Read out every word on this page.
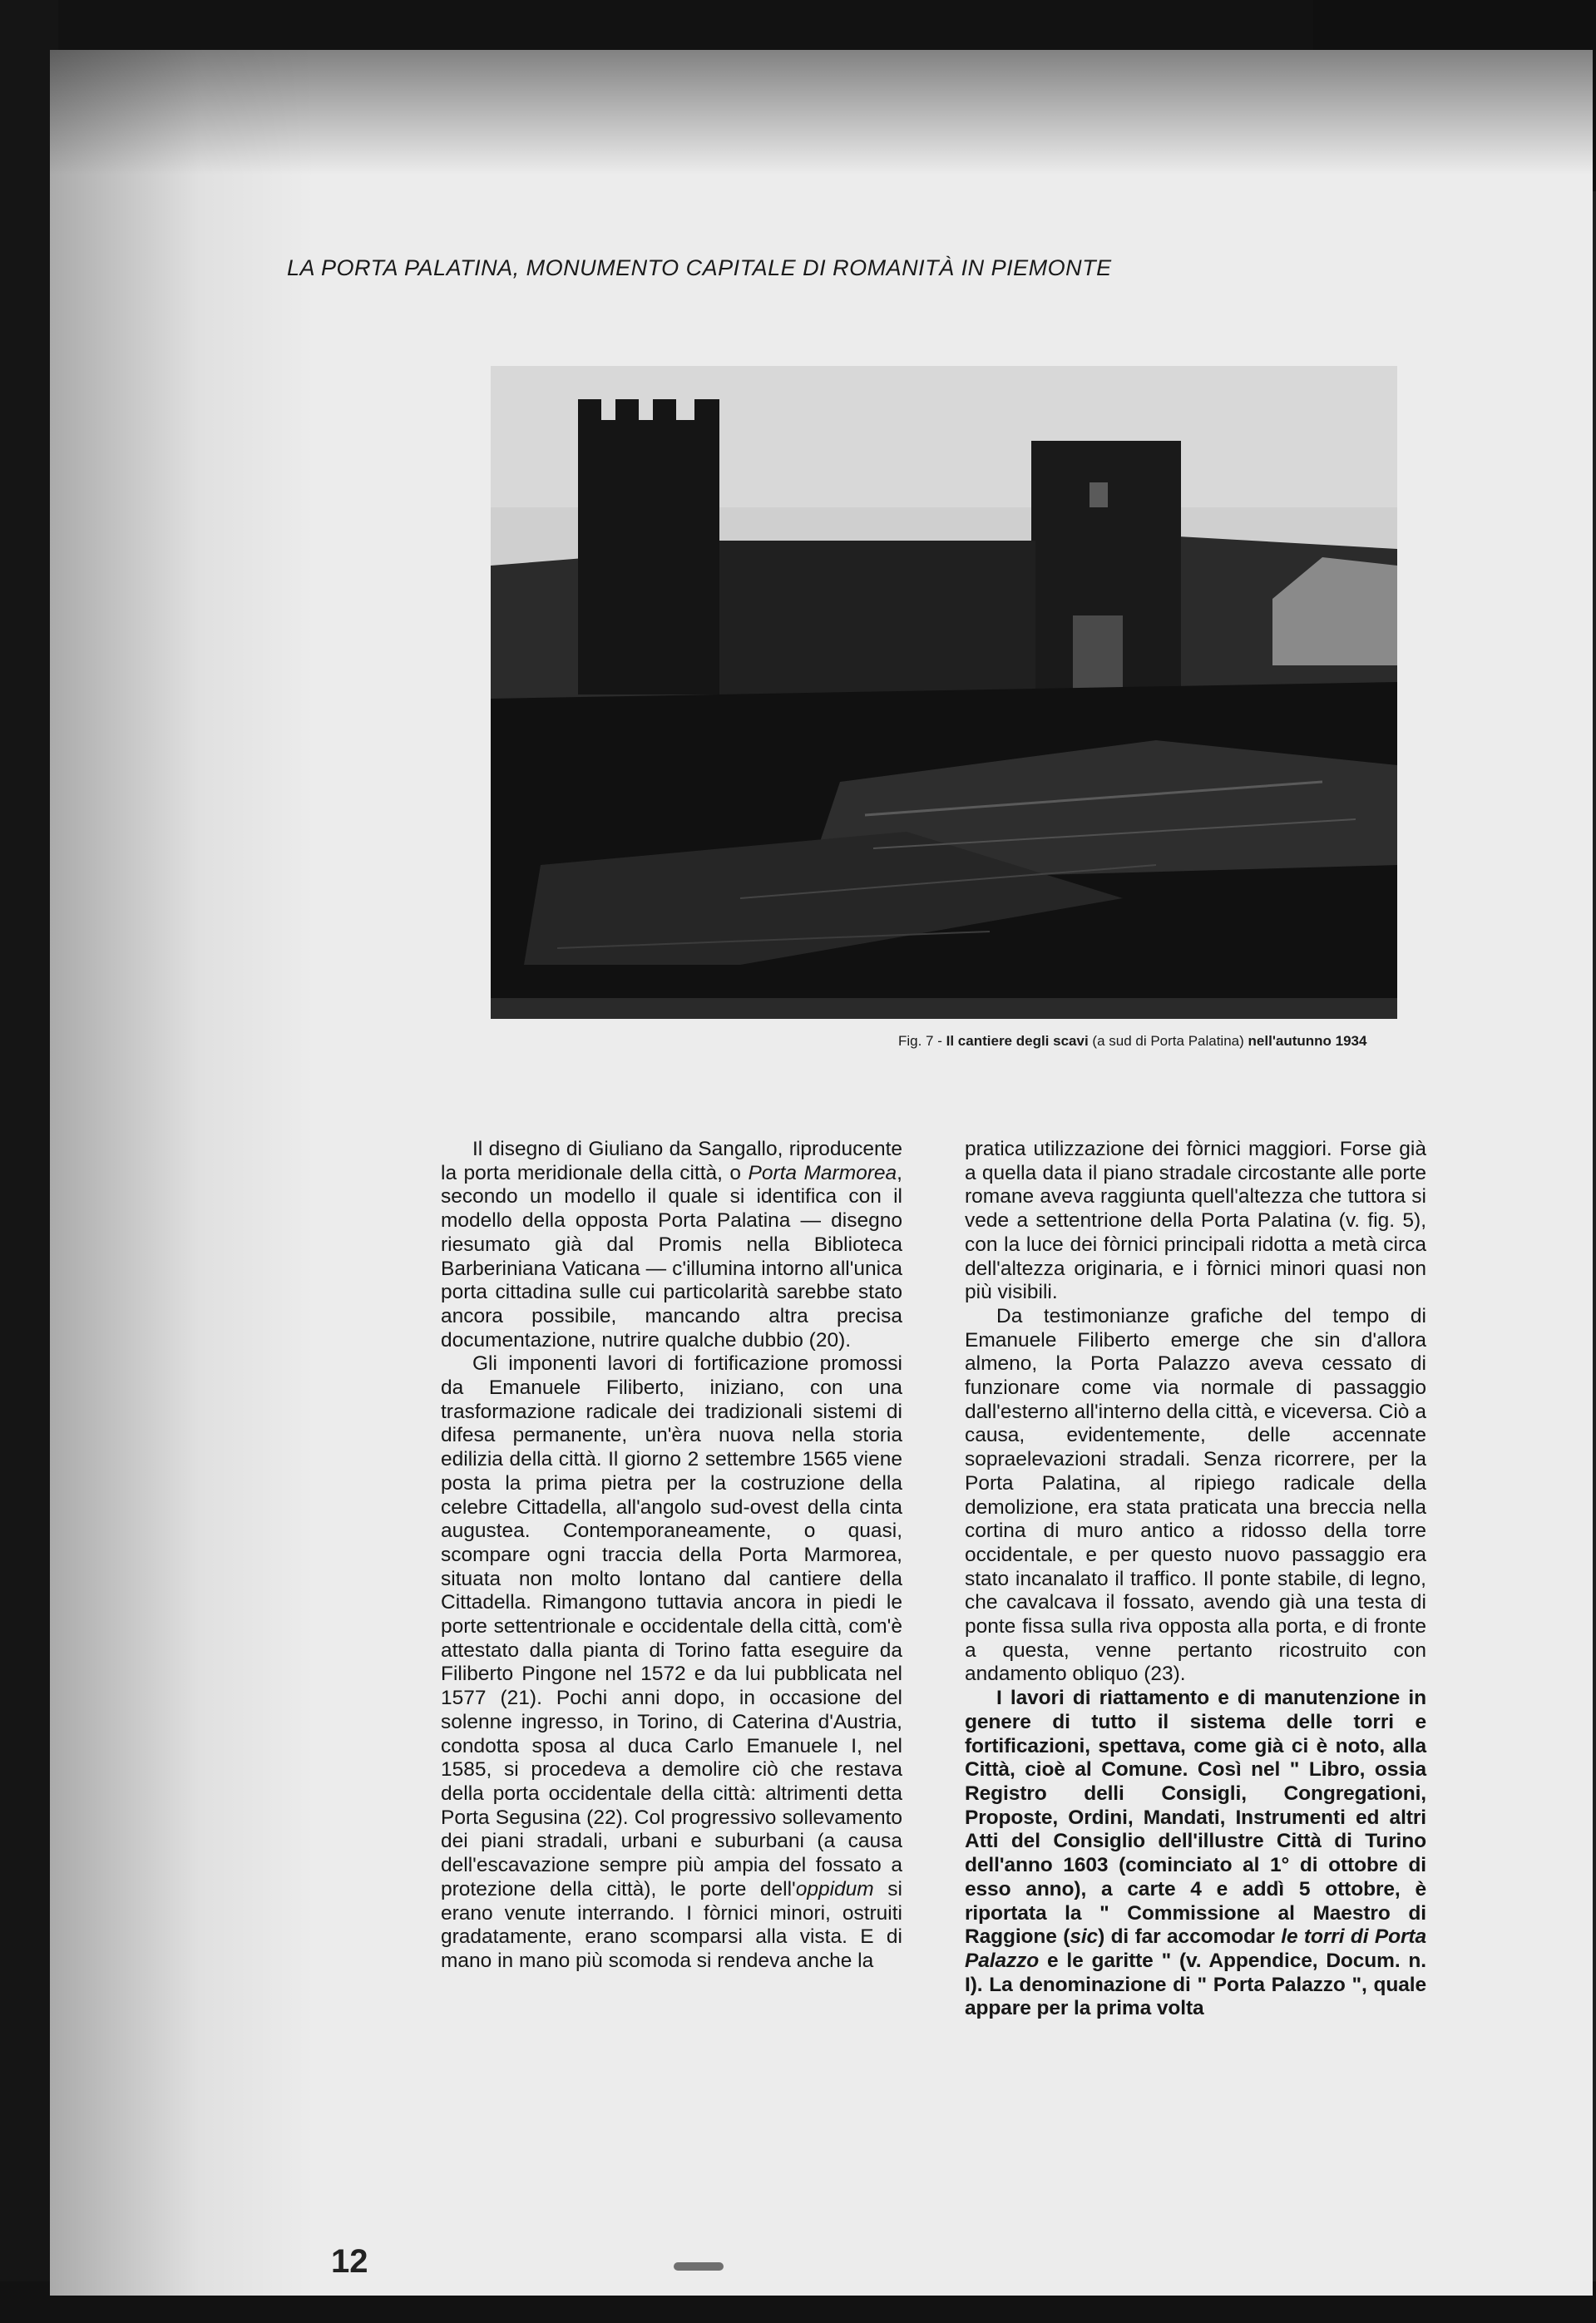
LA PORTA PALATINA, MONUMENTO CAPITALE DI ROMANITÀ IN PIEMONTE
Fig. 7 - Il cantiere degli scavi (a sud di Porta Palatina) nell'autunno 1934

Il disegno di Giuliano da Sangallo, riproducente la porta meridionale della città, o Porta Marmorea, secondo un modello il quale si identifica con il modello della opposta Porta Palatina — disegno riesumato già dal Promis nella Biblioteca Barberiniana Vaticana — c'illumina intorno all'unica porta cittadina sulle cui particolarità sarebbe stato ancora possibile, mancando altra precisa documentazione, nutrire qualche dubbio (20).

Gli imponenti lavori di fortificazione promossi da Emanuele Filiberto, iniziano, con una trasformazione radicale dei tradizionali sistemi di difesa permanente, un'èra nuova nella storia edilizia della città. Il giorno 2 settembre 1565 viene posta la prima pietra per la costruzione della celebre Cittadella, all'angolo sud-ovest della cinta augustea. Contemporaneamente, o quasi, scompare ogni traccia della Porta Marmorea, situata non molto lontano dal cantiere della Cittadella. Rimangono tuttavia ancora in piedi le porte settentrionale e occidentale della città, com'è attestato dalla pianta di Torino fatta eseguire da Filiberto Pingone nel 1572 e da lui pubblicata nel 1577 (21). Pochi anni dopo, in occasione del solenne ingresso, in Torino, di Caterina d'Austria, condotta sposa al duca Carlo Emanuele I, nel 1585, si procedeva a demolire ciò che restava della porta occidentale della città: altrimenti detta Porta Segusina (22). Col progressivo sollevamento dei piani stradali, urbani e suburbani (a causa dell'escavazione sempre più ampia del fossato a protezione della città), le porte dell'oppidum si erano venute interrando. I fòrnici minori, ostruiti gradatamente, erano scomparsi alla vista. E di mano in mano più scomoda si rendeva anche la

pratica utilizzazione dei fòrnici maggiori. Forse già a quella data il piano stradale circostante alle porte romane aveva raggiunta quell'altezza che tuttora si vede a settentrione della Porta Palatina (v. fig. 5), con la luce dei fòrnici principali ridotta a metà circa dell'altezza originaria, e i fòrnici minori quasi non più visibili.

Da testimonianze grafiche del tempo di Emanuele Filiberto emerge che sin d'allora almeno, la Porta Palazzo aveva cessato di funzionare come via normale di passaggio dall'esterno all'interno della città, e viceversa. Ciò a causa, evidentemente, delle accennate sopraelevazioni stradali. Senza ricorrere, per la Porta Palatina, al ripiego radicale della demolizione, era stata praticata una breccia nella cortina di muro antico a ridosso della torre occidentale, e per questo nuovo passaggio era stato incanalato il traffico. Il ponte stabile, di legno, che cavalcava il fossato, avendo già una testa di ponte fissa sulla riva opposta alla porta, e di fronte a questa, venne pertanto ricostruito con andamento obliquo (23).

I lavori di riattamento e di manutenzione in genere di tutto il sistema delle torri e fortificazioni, spettava, come già ci è noto, alla Città, cioè al Comune. Così nel " Libro, ossia Registro delli Consigli, Congregationi, Proposte, Ordini, Mandati, Instrumenti ed altri Atti del Consiglio dell'illustre Città di Turino dell'anno 1603 (cominciato al 1° di ottobre di esso anno), a carte 4 e addì 5 ottobre, è riportata la " Commissione al Maestro di Raggione (sic) di far accomodar le torri di Porta Palazzo e le garitte " (v. Appendice, Docum. n. I). La denominazione di " Porta Palazzo ", quale appare per la prima volta

12
